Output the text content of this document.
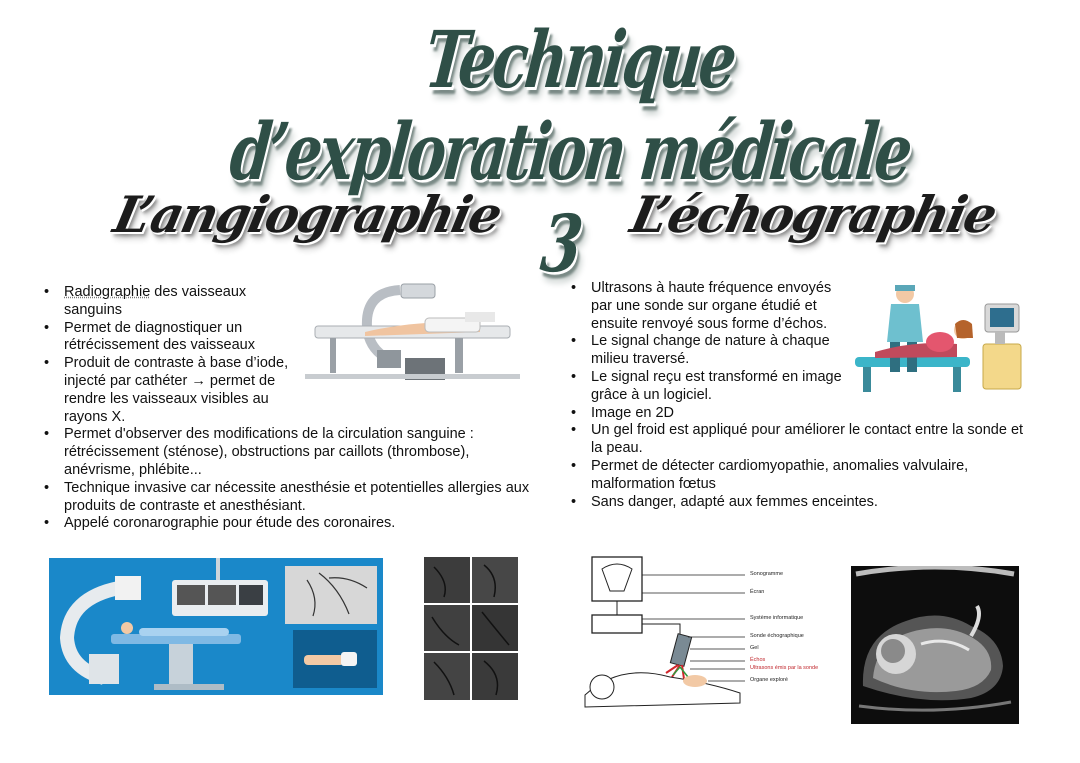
Technique d’exploration médicale 3
L’angiographie L’échographie
• Radiographie des vaisseaux sanguins
• Permet de diagnostiquer un rétrécissement des vaisseaux
• Produit de contraste à base d’iode, injecté par cathéter → permet de rendre les vaisseaux visibles au rayons X.
• Permet d'observer des modifications de la circulation sanguine : rétrécissement (sténose), obstructions par caillots (thrombose), anévrisme, phlébite...
• Technique invasive car nécessite anesthésie et potentielles allergies aux produits de contraste et anesthésiant.
• Appelé coronarographie pour étude des coronaires.
• Ultrasons à haute fréquence envoyés par une sonde sur organe étudié et ensuite renvoyé sous forme d’échos.
• Le signal change de nature à chaque milieu traversé.
• Le signal reçu est transformé en image grâce à un logiciel.
• Image en 2D
• Un gel froid est appliqué pour améliorer le contact entre la sonde et la peau.
• Permet de détecter cardiomyopathie, anomalies valvulaire, malformation fœtus
• Sans danger, adapté aux femmes enceintes.
Sonogramme
Écran
Système informatique
Sonde échographique
Gel
Échos
Ultrasons émis par la sonde
Organe exploré
